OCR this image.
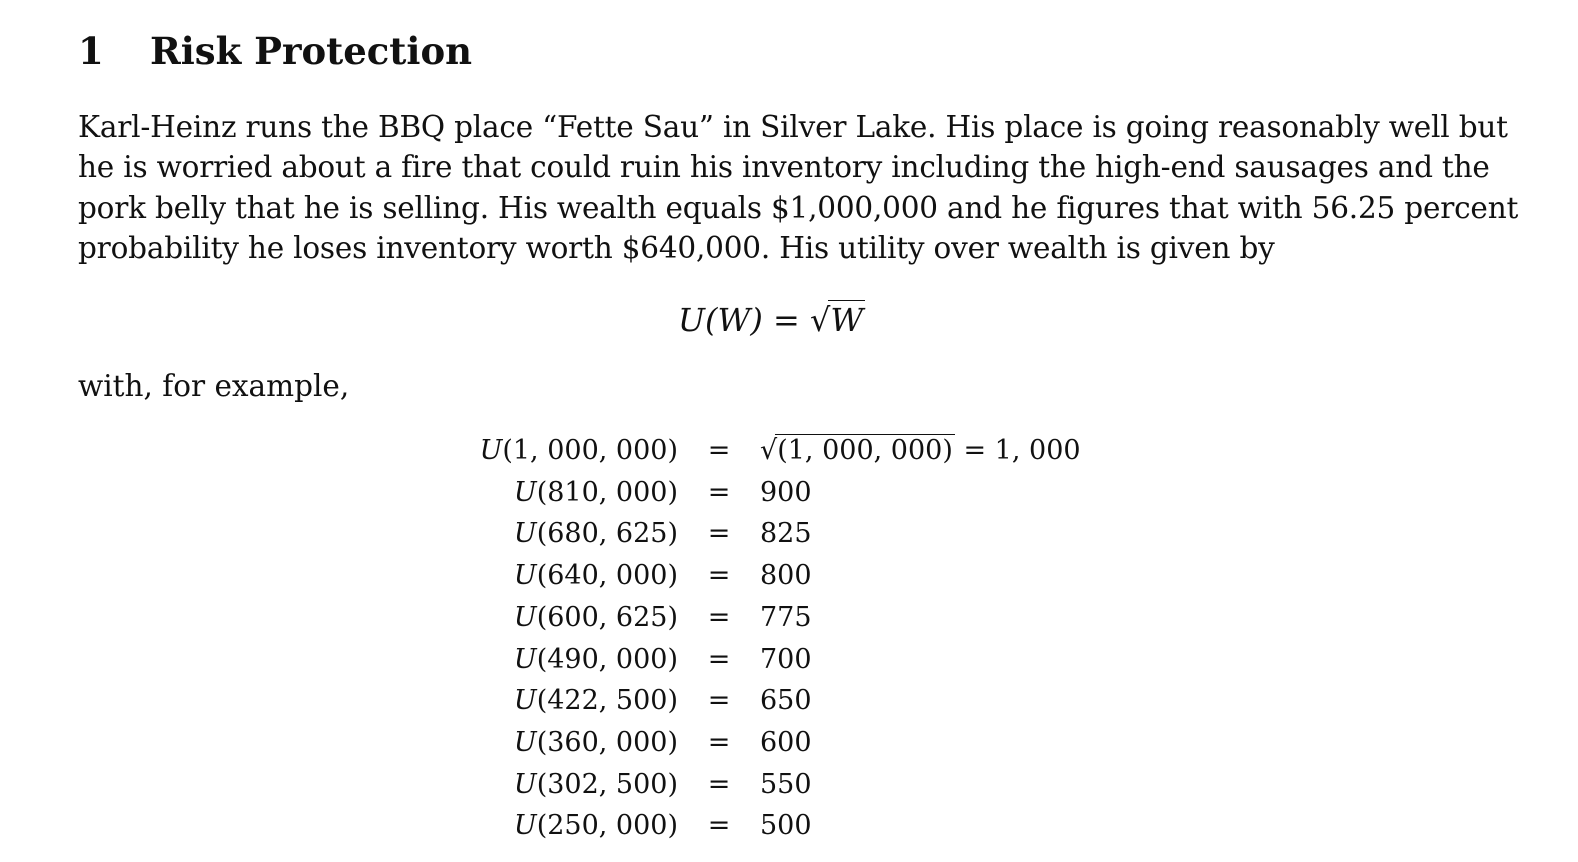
1 Risk Protection
Karl-Heinz runs the BBQ place “Fette Sau” in Silver Lake. His place is going reasonably well but
he is worried about a fire that could ruin his inventory including the high-end sausages and the
pork belly that he is selling. His wealth equals $1,000,000 and he figures that with 56.25 percent
probability he loses inventory worth $640,000. His utility over wealth is given by
U(W) = √W
with, for example,
U(1, 000, 000)	=	√(1, 000, 000) = 1, 000
U(810, 000)	=	900
U(680, 625)	=	825
U(640, 000)	=	800
U(600, 625)	=	775
U(490, 000)	=	700
U(422, 500)	=	650
U(360, 000)	=	600
U(302, 500)	=	550
U(250, 000)	=	500
